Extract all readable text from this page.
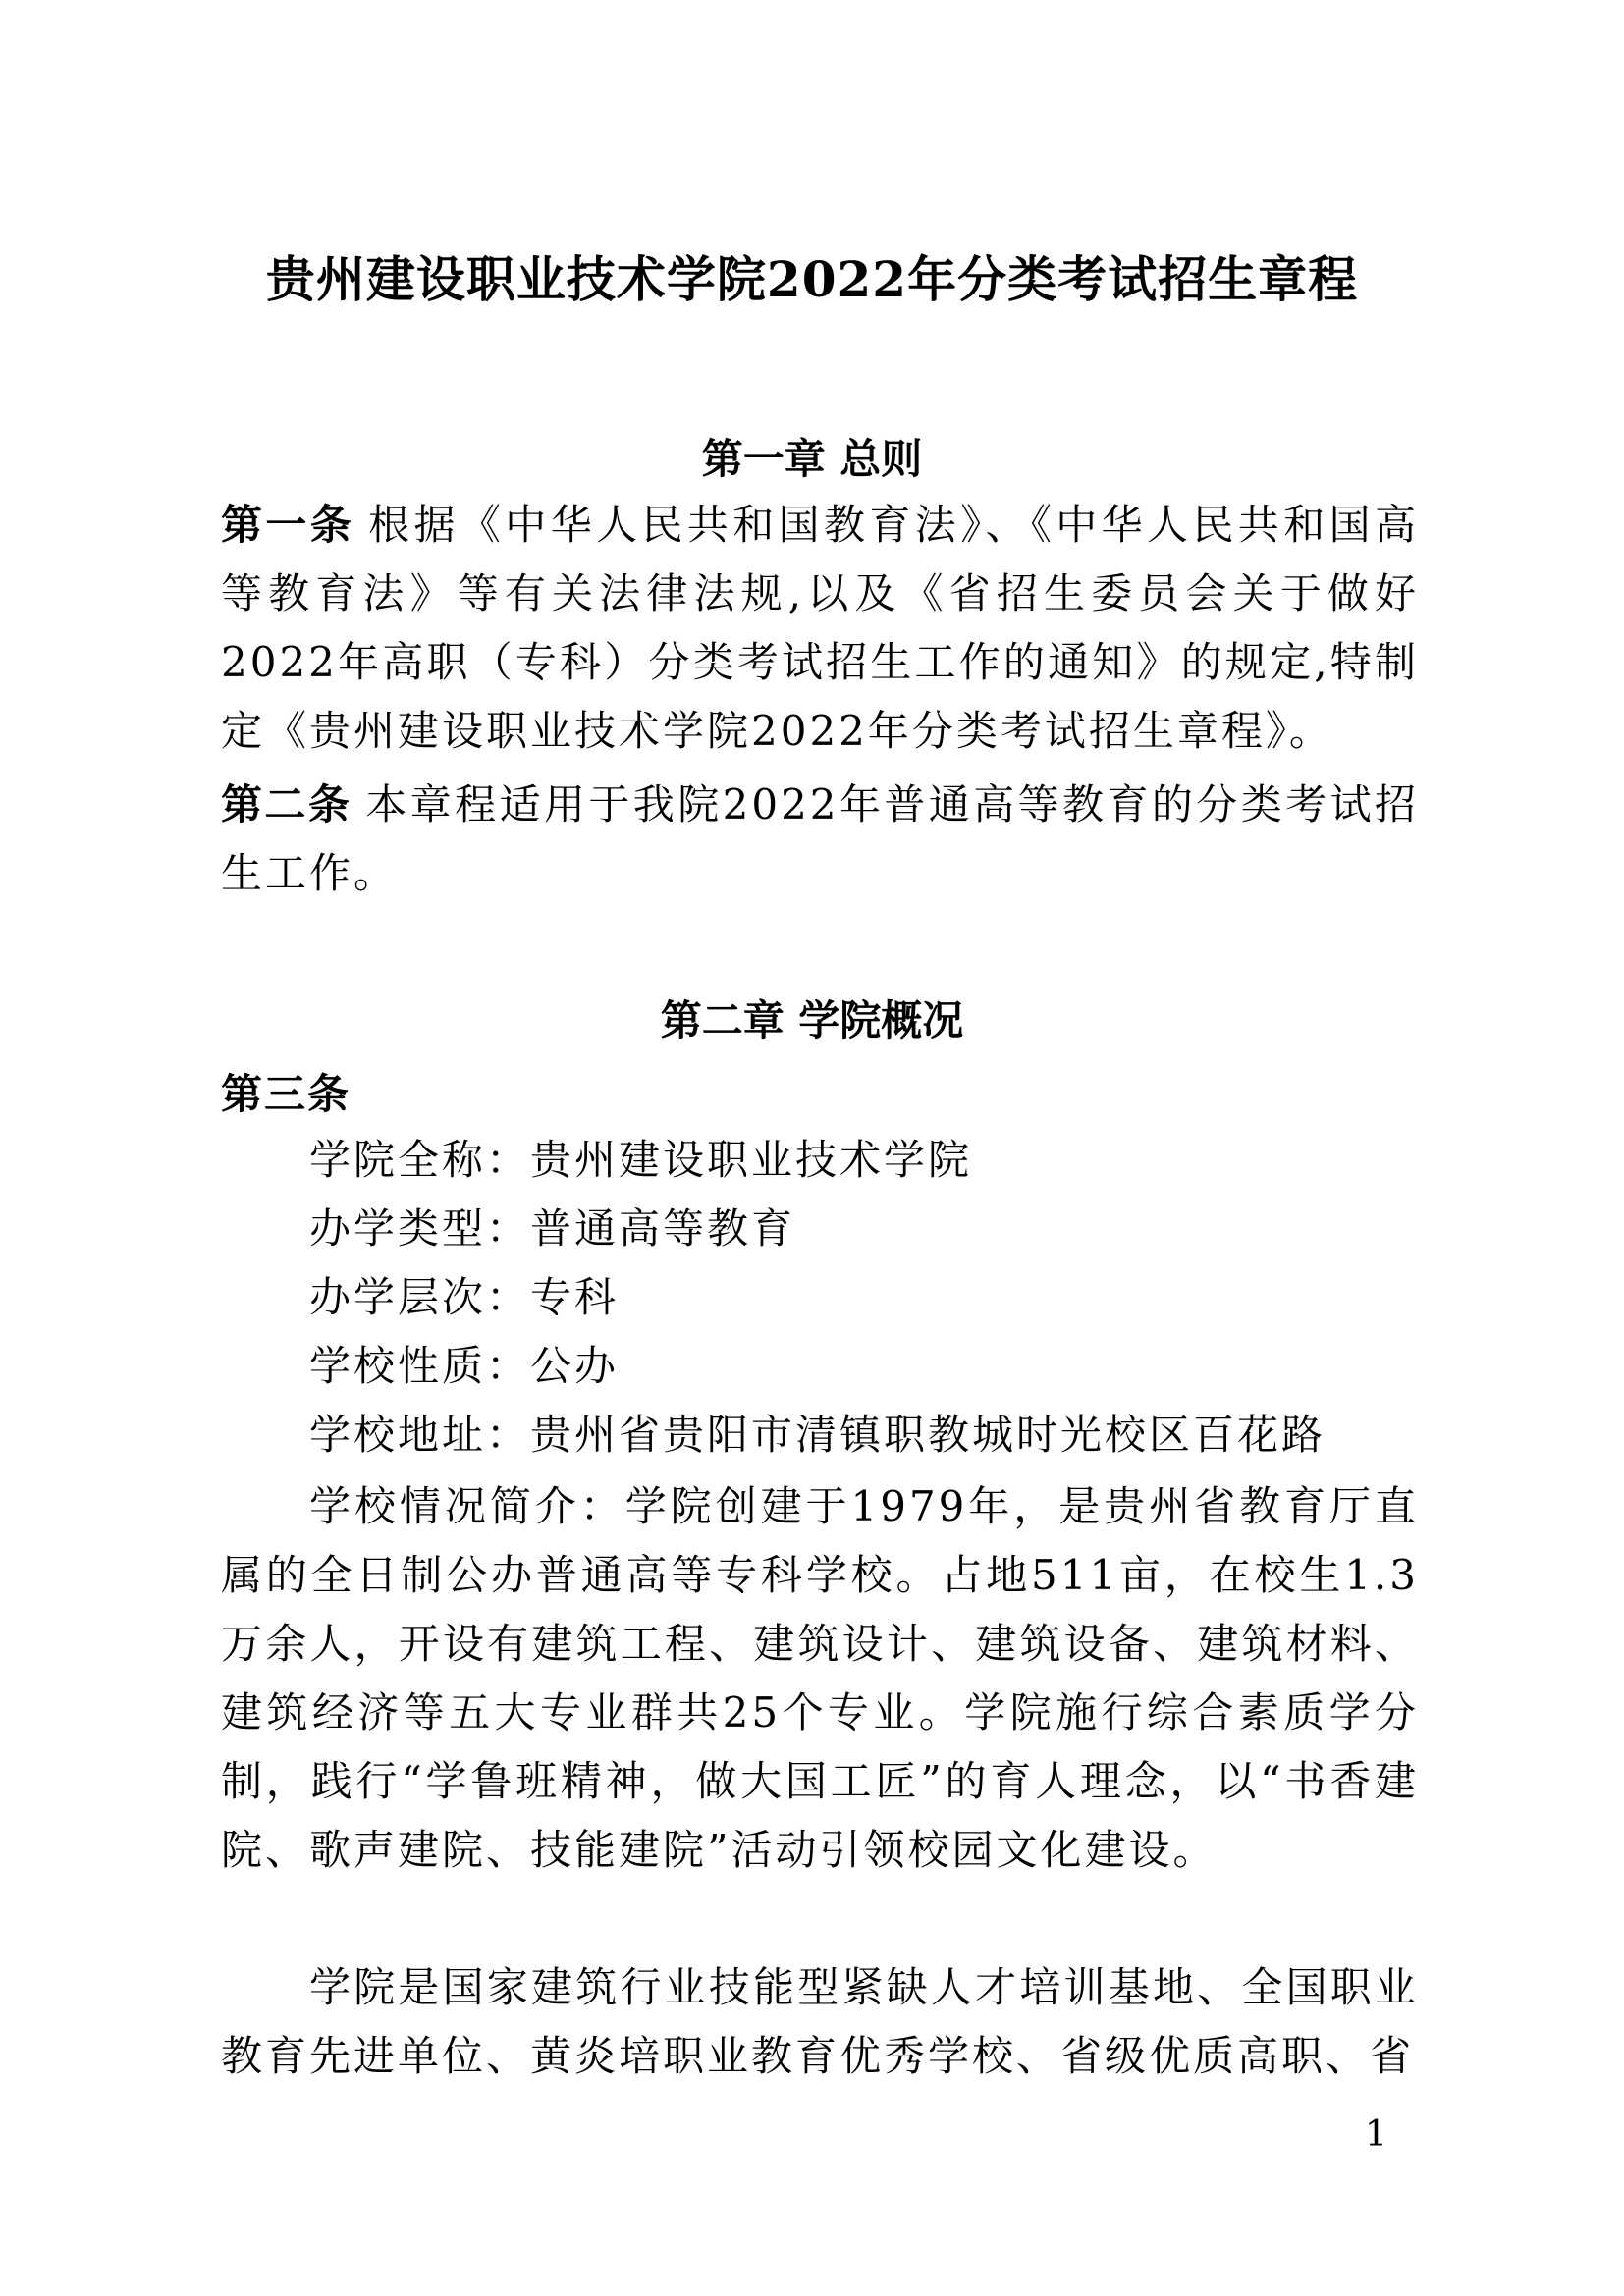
贵州建设职业技术学院2022年分类考试招生章程
第一章 总则

第一条 根据《中华人民共和国教育法》、《中华人民共和国高等教育法》等有关法律法规,以及《省招生委员会关于做好2022年高职（专科）分类考试招生工作的通知》的规定,特制定《贵州建设职业技术学院2022年分类考试招生章程》。

第二条 本章程适用于我院2022年普通高等教育的分类考试招生工作。

第二章 学院概况
第三条
学院全称：贵州建设职业技术学院
办学类型：普通高等教育
办学层次：专科
学校性质：公办
学校地址：贵州省贵阳市清镇职教城时光校区百花路

学校情况简介：学院创建于1979年，是贵州省教育厅直属的全日制公办普通高等专科学校。占地511亩，在校生1.3万余人，开设有建筑工程、建筑设计、建筑设备、建筑材料、建筑经济等五大专业群共25个专业。学院施行综合素质学分制，践行“学鲁班精神，做大国工匠”的育人理念，以“书香建院、歌声建院、技能建院”活动引领校园文化建设。

学院是国家建筑行业技能型紧缺人才培训基地、全国职业教育先进单位、黄炎培职业教育优秀学校、省级优质高职、省

1
